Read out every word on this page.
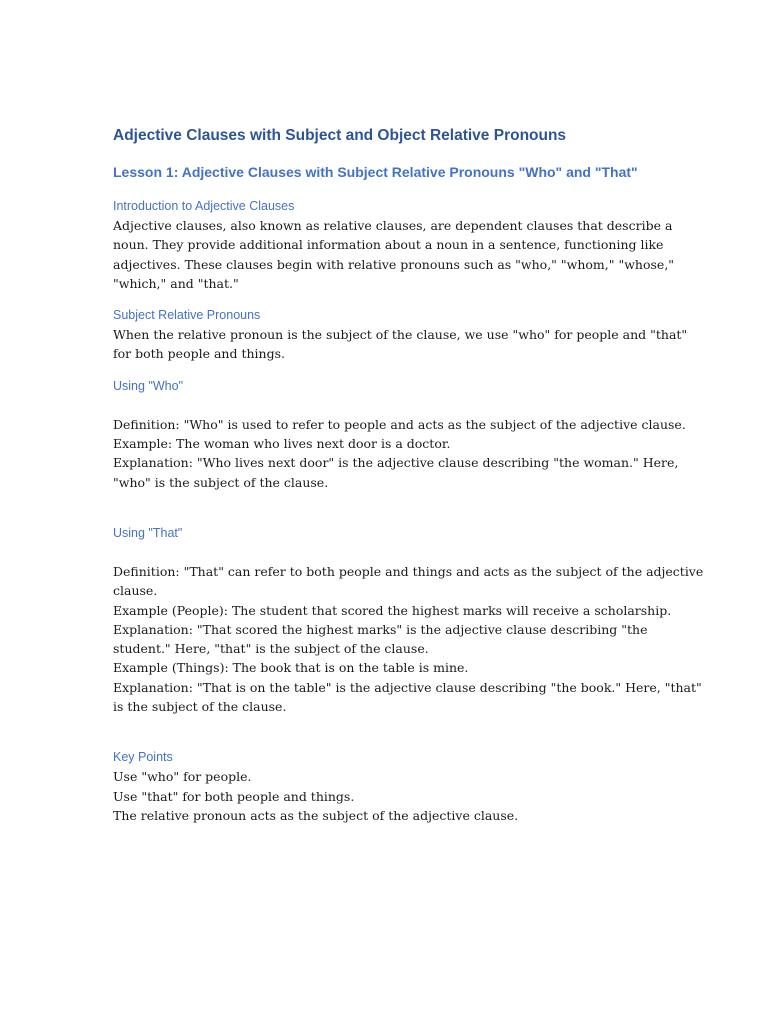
Adjective Clauses with Subject and Object Relative Pronouns
Lesson 1: Adjective Clauses with Subject Relative Pronouns "Who" and "That"
Introduction to Adjective Clauses

Adjective clauses, also known as relative clauses, are dependent clauses that describe a
noun. They provide additional information about a noun in a sentence, functioning like
adjectives. These clauses begin with relative pronouns such as "who," "whom," "whose,"
"which," and "that."

Subject Relative Pronouns

When the relative pronoun is the subject of the clause, we use "who" for people and "that"
for both people and things.

Using "Who"

Definition: "Who" is used to refer to people and acts as the subject of the adjective clause.
Example: The woman who lives next door is a doctor.
Explanation: "Who lives next door" is the adjective clause describing "the woman." Here,
"who" is the subject of the clause.

Using "That"

Definition: "That" can refer to both people and things and acts as the subject of the adjective
clause.
Example (People): The student that scored the highest marks will receive a scholarship.
Explanation: "That scored the highest marks" is the adjective clause describing "the
student." Here, "that" is the subject of the clause.
Example (Things): The book that is on the table is mine.
Explanation: "That is on the table" is the adjective clause describing "the book." Here, "that"
is the subject of the clause.

Key Points

Use "who" for people.
Use "that" for both people and things.
The relative pronoun acts as the subject of the adjective clause.
